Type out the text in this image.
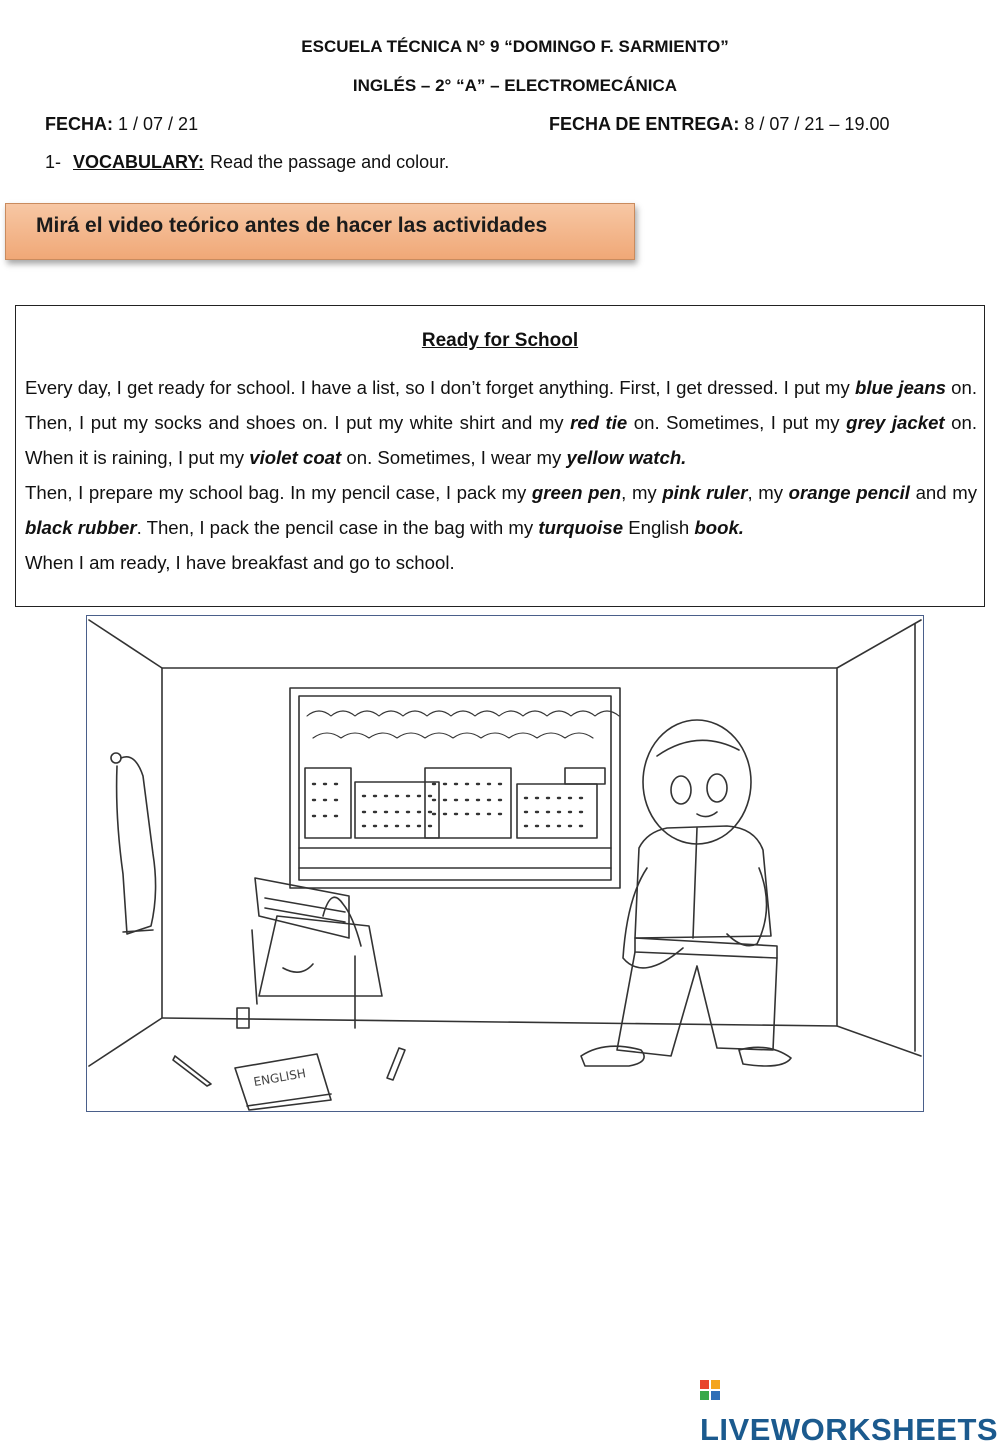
ESCUELA TÉCNICA N° 9 “DOMINGO F. SARMIENTO”
INGLÉS – 2° “A” – ELECTROMECÁNICA
FECHA: 1 / 07 / 21	FECHA DE ENTREGA: 8 / 07 / 21 – 19.00
1- VOCABULARY: Read the passage and colour.
Mirá el video teórico antes de hacer las actividades
Ready for School
Every day, I get ready for school. I have a list, so I don’t forget anything. First, I get dressed. I put my blue jeans on. Then, I put my socks and shoes on. I put my white shirt and my red tie on. Sometimes, I put my grey jacket on. When it is raining, I put my violet coat on. Sometimes, I wear my yellow watch.
Then, I prepare my school bag. In my pencil case, I pack my green pen, my pink ruler, my orange pencil and my black rubber. Then, I pack the pencil case in the bag with my turquoise English book.
When I am ready, I have breakfast and go to school.
ENGLISH
LIVEWORKSHEETS
